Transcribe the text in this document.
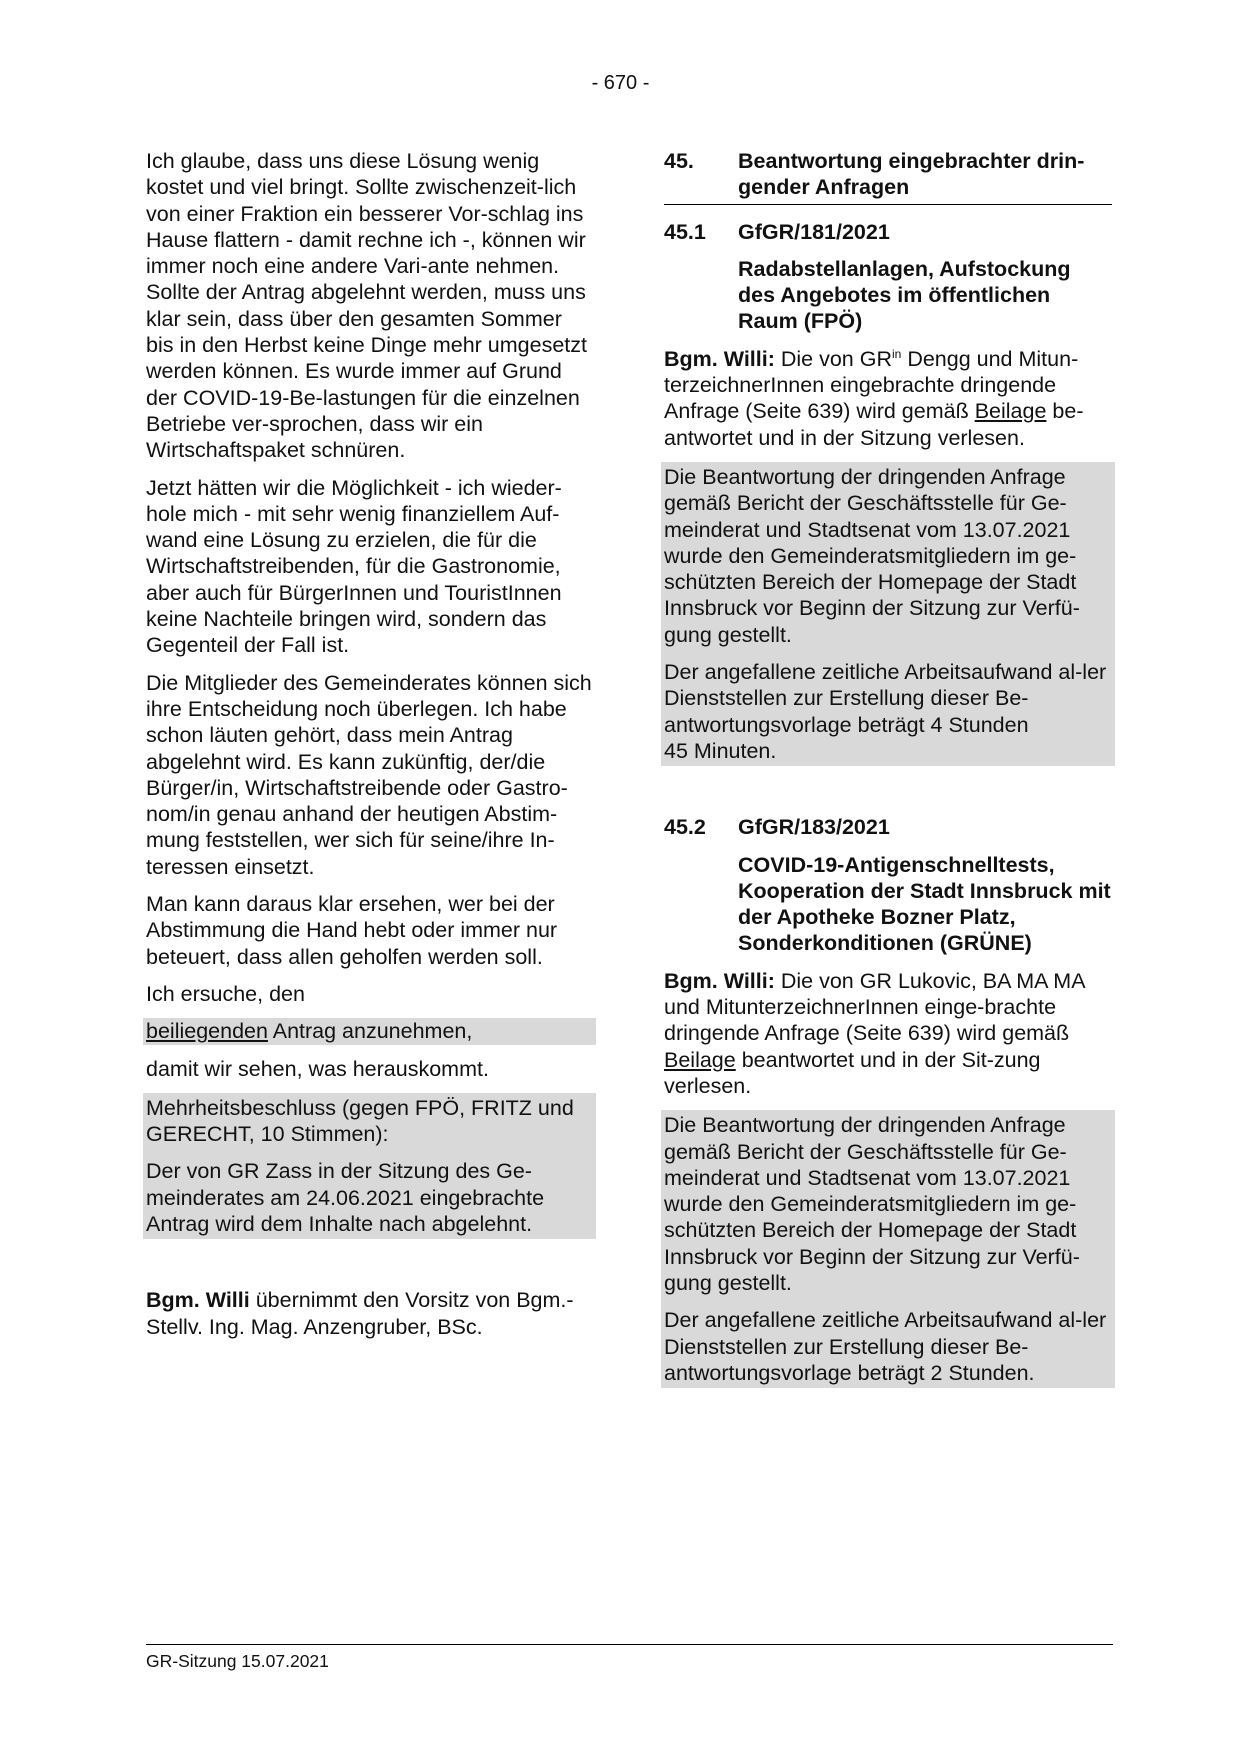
- 670 -

Ich glaube, dass uns diese Lösung wenig kostet und viel bringt. Sollte zwischenzeit-lich von einer Fraktion ein besserer Vor-schlag ins Hause flattern - damit rechne ich -, können wir immer noch eine andere Vari-ante nehmen. Sollte der Antrag abgelehnt werden, muss uns klar sein, dass über den gesamten Sommer bis in den Herbst keine Dinge mehr umgesetzt werden können. Es wurde immer auf Grund der COVID-19-Be-lastungen für die einzelnen Betriebe ver-sprochen, dass wir ein Wirtschaftspaket schnüren.

Jetzt hätten wir die Möglichkeit - ich wieder-hole mich - mit sehr wenig finanziellem Auf-wand eine Lösung zu erzielen, die für die Wirtschaftstreibenden, für die Gastronomie, aber auch für BürgerInnen und TouristInnen keine Nachteile bringen wird, sondern das Gegenteil der Fall ist.

Die Mitglieder des Gemeinderates können sich ihre Entscheidung noch überlegen. Ich habe schon läuten gehört, dass mein Antrag abgelehnt wird. Es kann zukünftig, der/die Bürger/in, Wirtschaftstreibende oder Gastro-nom/in genau anhand der heutigen Abstim-mung feststellen, wer sich für seine/ihre In-teressen einsetzt.

Man kann daraus klar ersehen, wer bei der Abstimmung die Hand hebt oder immer nur beteuert, dass allen geholfen werden soll.

Ich ersuche, den

beiliegenden Antrag anzunehmen,

damit wir sehen, was herauskommt.

Mehrheitsbeschluss (gegen FPÖ, FRITZ und GERECHT, 10 Stimmen):

Der von GR Zass in der Sitzung des Ge-meinderates am 24.06.2021 eingebrachte Antrag wird dem Inhalte nach abgelehnt.

Bgm. Willi übernimmt den Vorsitz von Bgm.-Stellv. Ing. Mag. Anzengruber, BSc.

45.	Beantwortung eingebrachter drin-gender Anfragen
45.1	GfGR/181/2021
Radabstellanlagen, Aufstockung des Angebotes im öffentlichen Raum (FPÖ)

Bgm. Willi: Die von $GR^{in}$ Dengg und Mitun-terzeichnerInnen eingebrachte dringende Anfrage (Seite 639) wird gemäß Beilage be-antwortet und in der Sitzung verlesen.

Die Beantwortung der dringenden Anfrage gemäß Bericht der Geschäftsstelle für Ge-meinderat und Stadtsenat vom 13.07.2021 wurde den Gemeinderatsmitgliedern im ge-schützten Bereich der Homepage der Stadt Innsbruck vor Beginn der Sitzung zur Verfü-gung gestellt.

Der angefallene zeitliche Arbeitsaufwand al-ler Dienststellen zur Erstellung dieser Be-antwortungsvorlage beträgt 4 Stunden
45 Minuten.

45.2	GfGR/183/2021
COVID-19-Antigenschnelltests, Kooperation der Stadt Innsbruck mit der Apotheke Bozner Platz, Sonderkonditionen (GRÜNE)

Bgm. Willi: Die von GR Lukovic, BA MA MA und MitunterzeichnerInnen einge-brachte dringende Anfrage (Seite 639) wird gemäß Beilage beantwortet und in der Sit-zung verlesen.

Die Beantwortung der dringenden Anfrage gemäß Bericht der Geschäftsstelle für Ge-meinderat und Stadtsenat vom 13.07.2021 wurde den Gemeinderatsmitgliedern im ge-schützten Bereich der Homepage der Stadt Innsbruck vor Beginn der Sitzung zur Verfü-gung gestellt.

Der angefallene zeitliche Arbeitsaufwand al-ler Dienststellen zur Erstellung dieser Be-antwortungsvorlage beträgt 2 Stunden.

GR-Sitzung 15.07.2021
